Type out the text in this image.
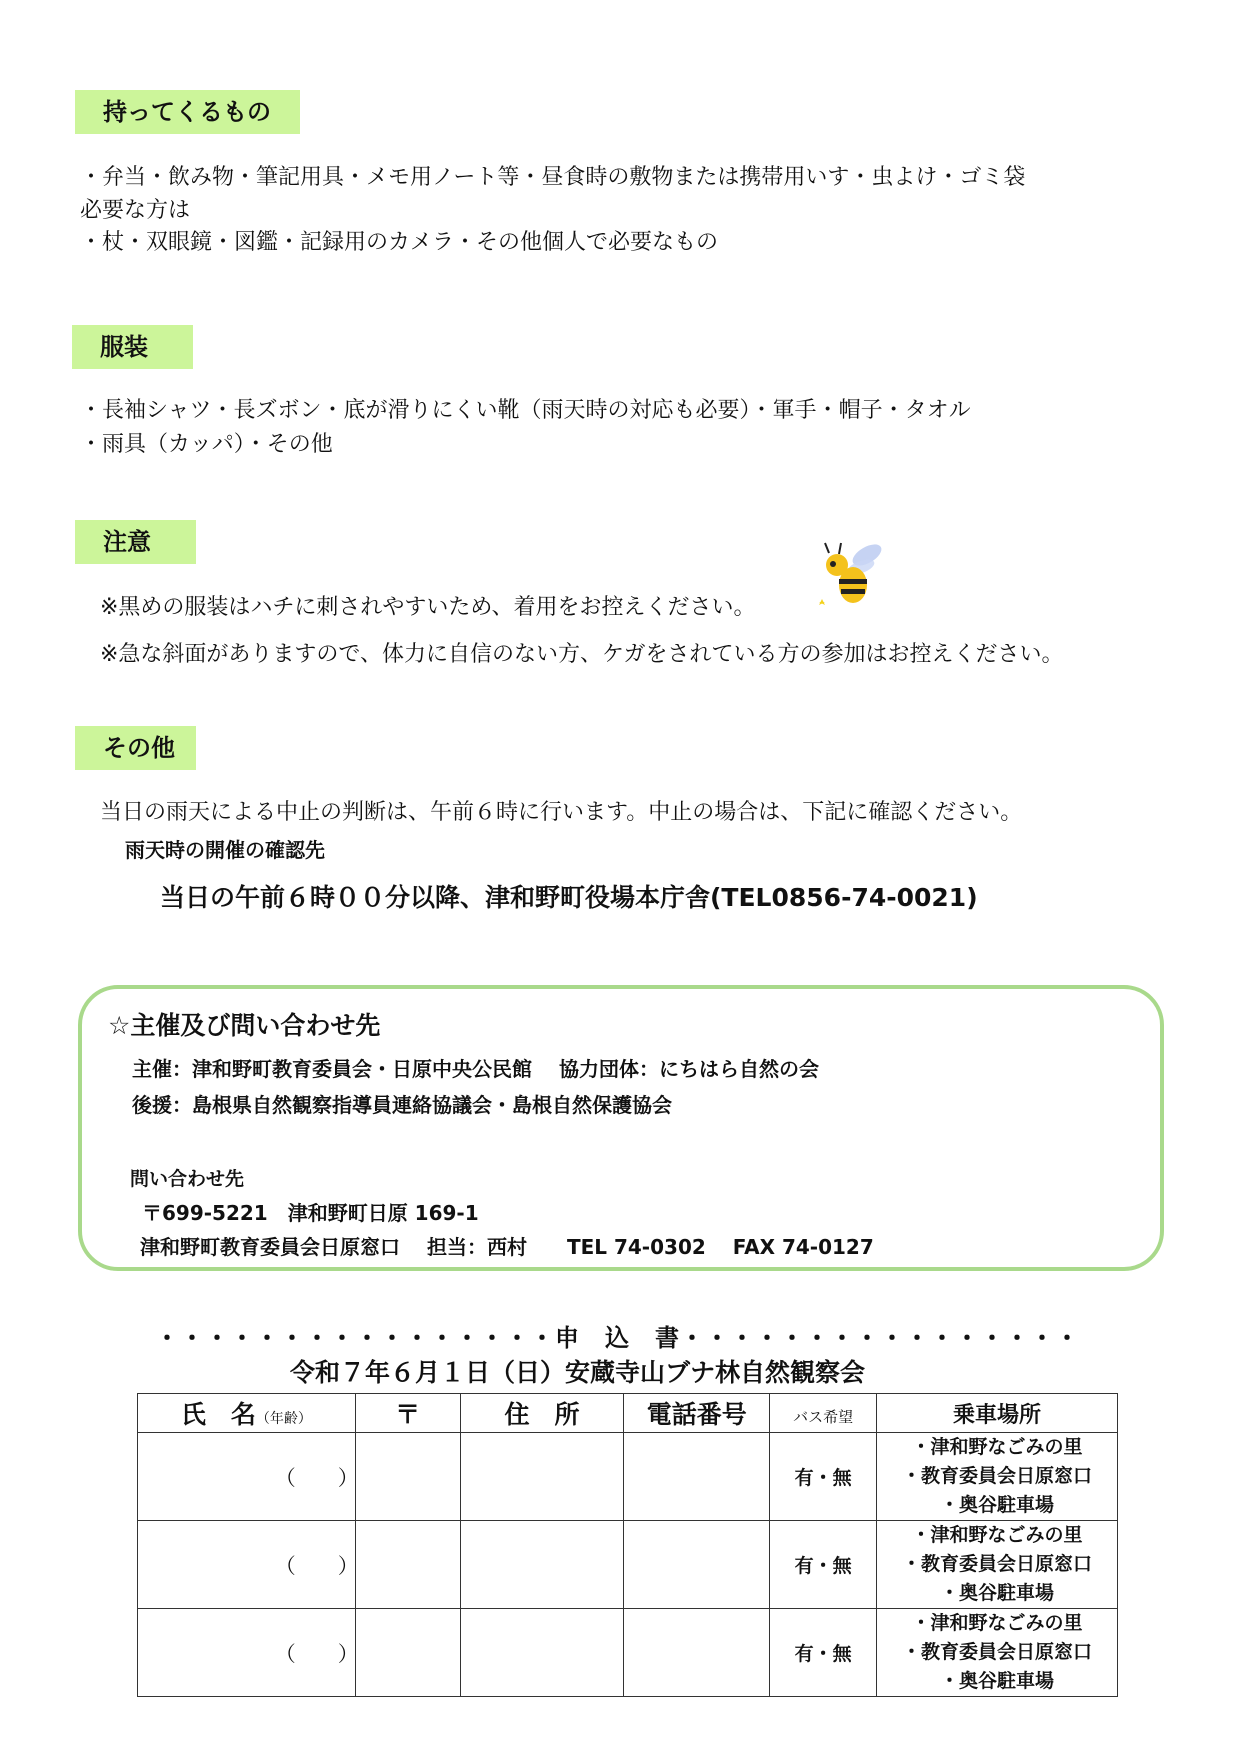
持ってくるもの
・弁当・飲み物・筆記用具・メモ用ノート等・昼食時の敷物または携帯用いす・虫よけ・ゴミ袋
必要な方は
・杖・双眼鏡・図鑑・記録用のカメラ・その他個人で必要なもの
服装
・長袖シャツ・長ズボン・底が滑りにくい靴（雨天時の対応も必要）・軍手・帽子・タオル
・雨具（カッパ）・その他
注意
※黒めの服装はハチに刺されやすいため、着用をお控えください。
※急な斜面がありますので、体力に自信のない方、ケガをされている方の参加はお控えください。
その他
当日の雨天による中止の判断は、午前６時に行います。中止の場合は、下記に確認ください。
雨天時の開催の確認先
当日の午前６時００分以降、津和野町役場本庁舎(TEL0856-74-0021)
☆主催及び問い合わせ先
主催：津和野町教育委員会・日原中央公民館　 協力団体：にちはら自然の会
後援：島根県自然観察指導員連絡協議会・島根自然保護協会
問い合わせ先
〒699-5221　津和野町日原 169-1
津和野町教育委員会日原窓口　 担当：西村　　TEL 74-0302　 FAX 74-0127
・・・・・・・・・・・・・・・・申　込　書・・・・・・・・・・・・・・・・
令和７年６月１日（日）安蔵寺山ブナ林自然観察会
氏　名（年齢）	〒	住　所	電話番号	バス希望	乗車場所
（　　）				有・無	・津和野なごみの里
・教育委員会日原窓口
・奥谷駐車場

（　　）				有・無	・津和野なごみの里
・教育委員会日原窓口
・奥谷駐車場

（　　）				有・無	・津和野なごみの里
・教育委員会日原窓口
・奥谷駐車場
